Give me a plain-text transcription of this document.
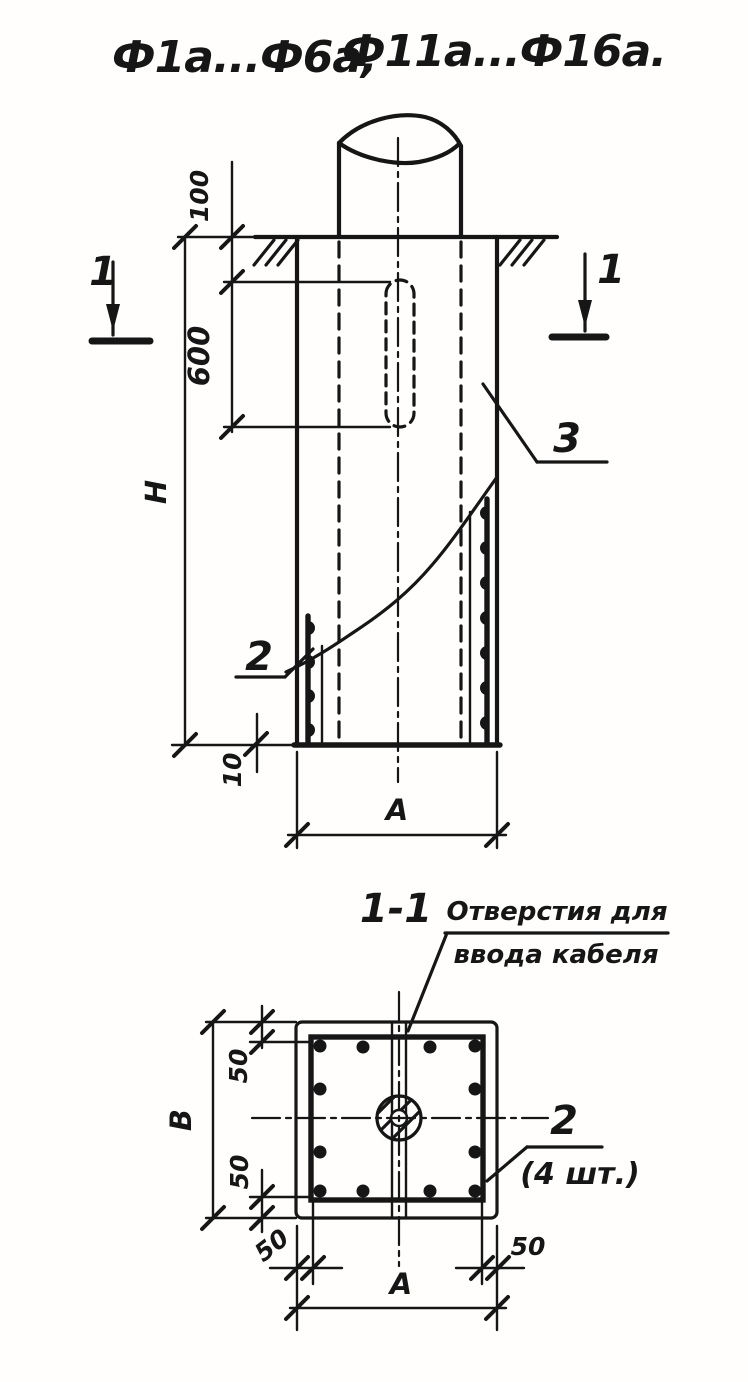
Ф1а...Ф6а,
Ф11а...Ф16а.
Н
100
600
10
А
2
3
1	1
1-1 Отверстия для
ввода кабеля
В
50
50
50	50
А
2
(4 шт.)
